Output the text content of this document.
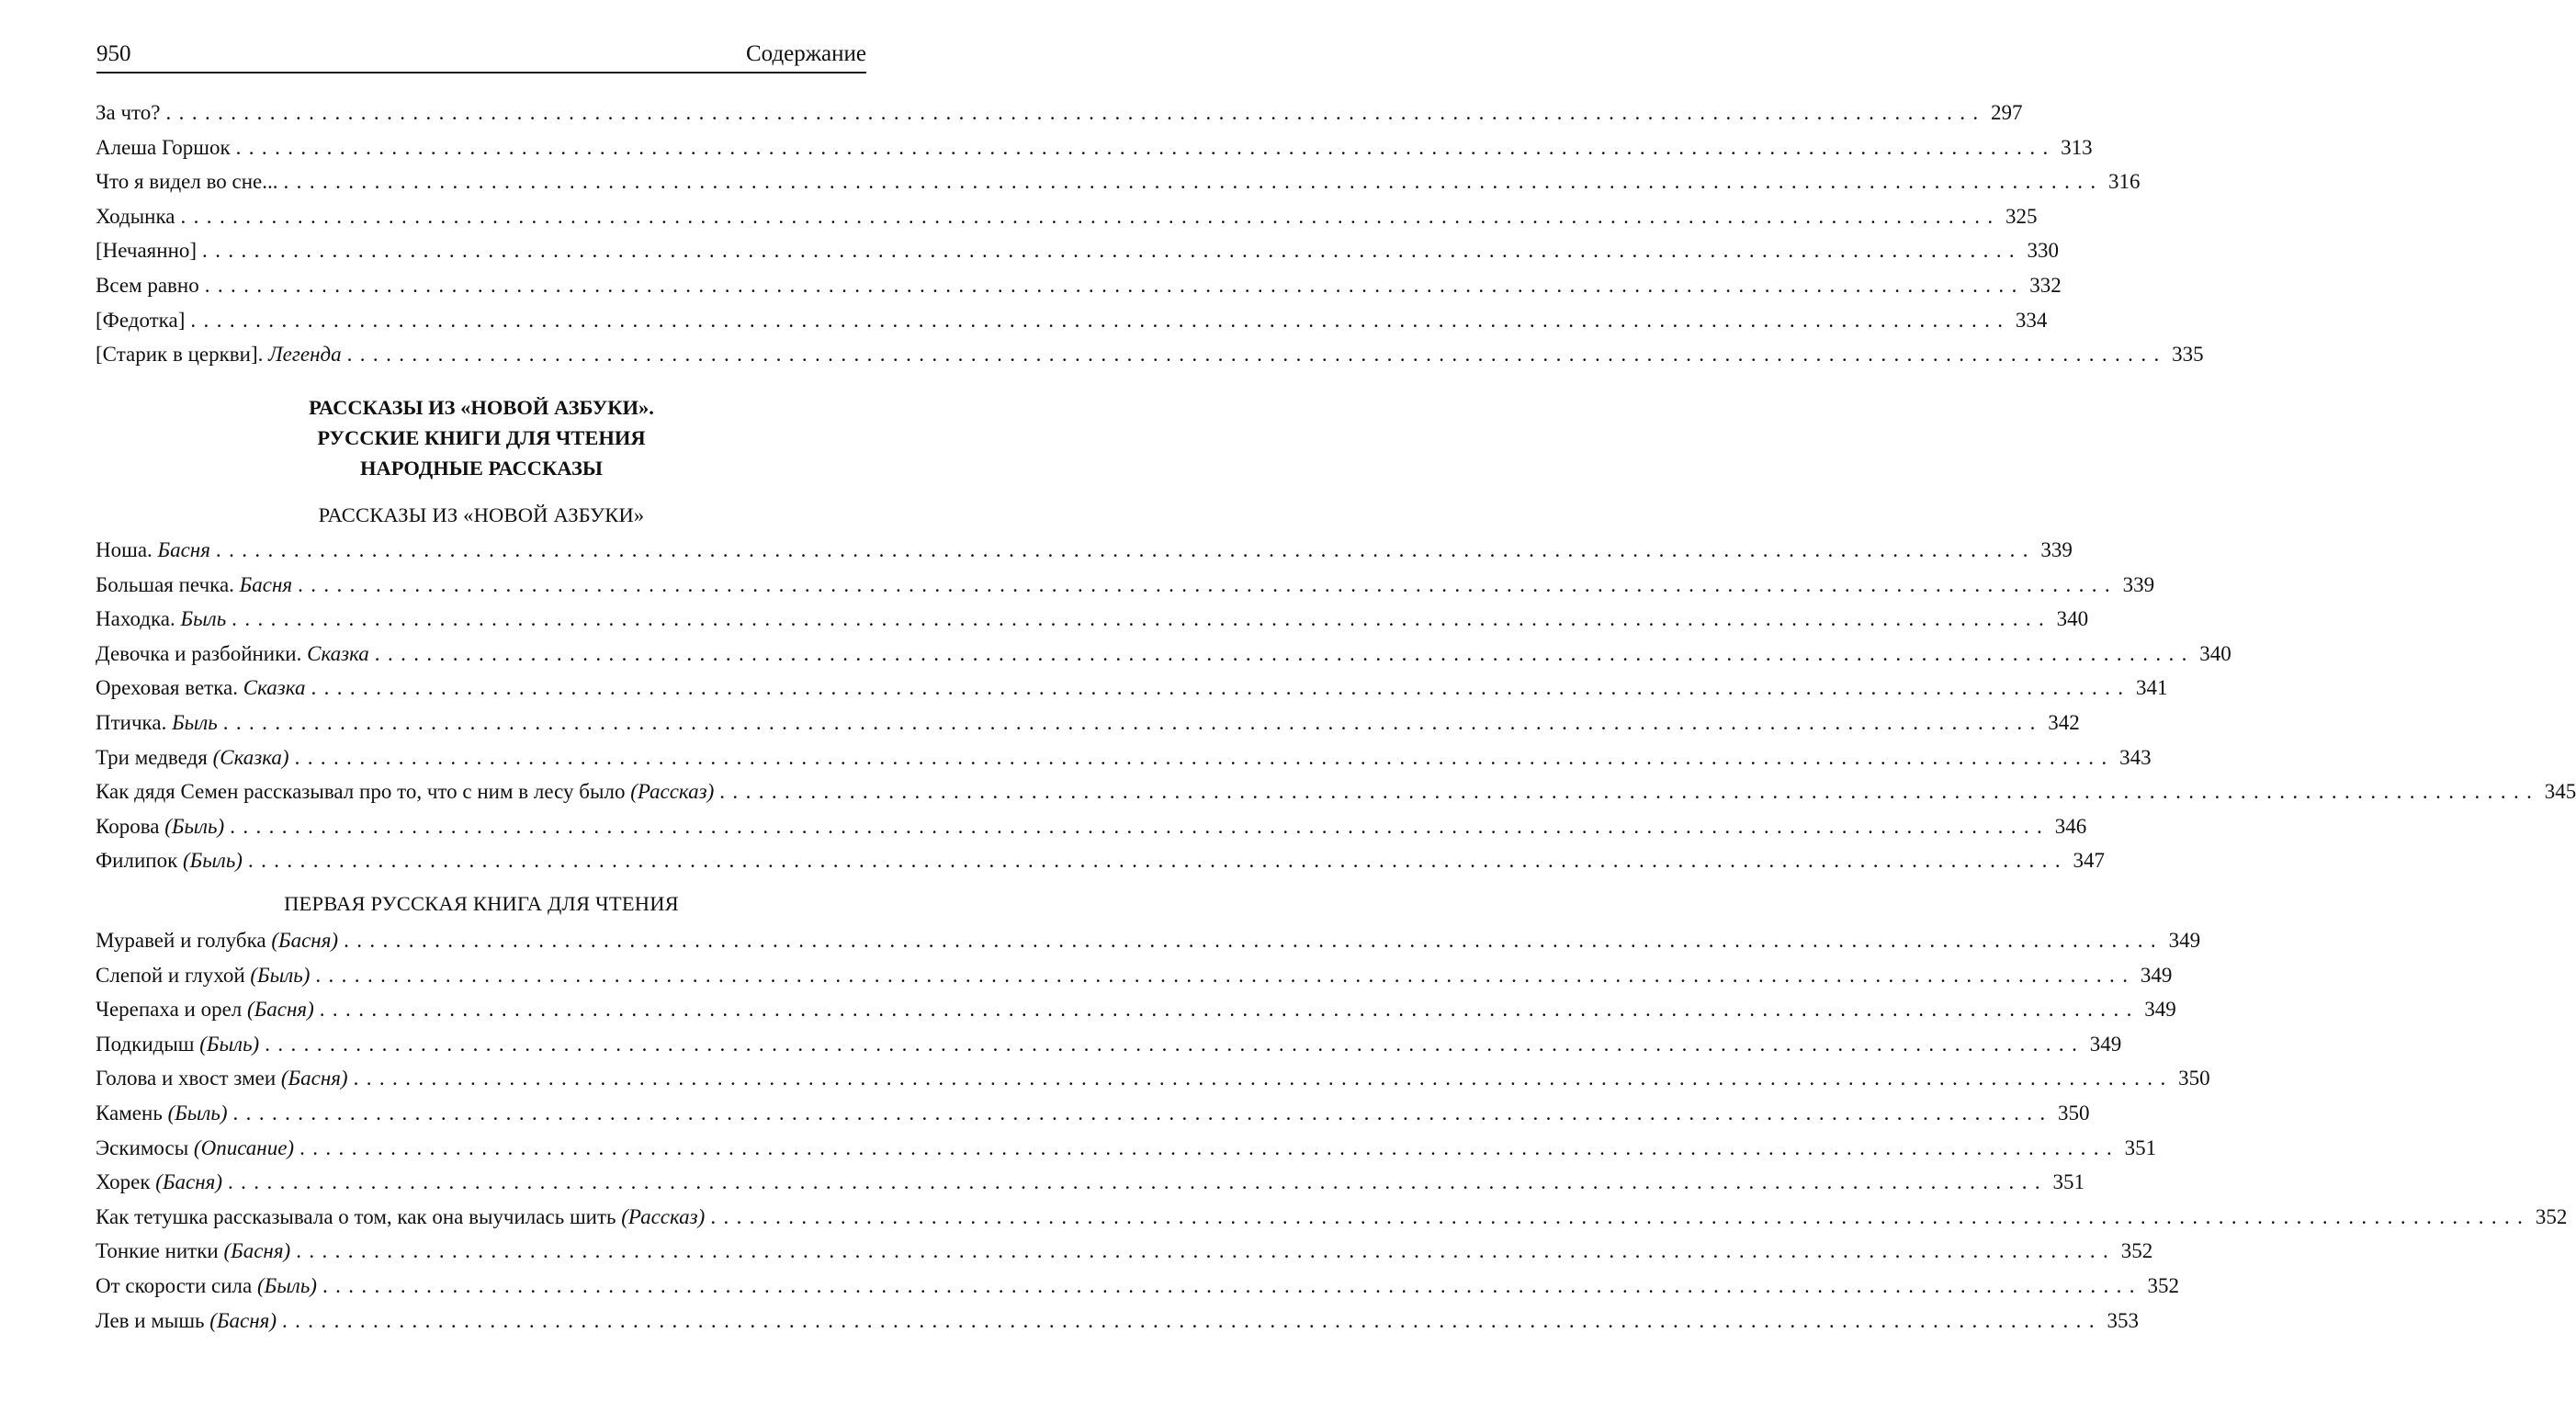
950	Содержание
За что? ............................................................................................................................................ 297
Алеша Горшок ............................................................................................................................................ 313
Что я видел во сне... ............................................................................................................................................ 316
Ходынка ............................................................................................................................................ 325
[Нечаянно] ............................................................................................................................................ 330
Всем равно ............................................................................................................................................ 332
[Федотка] ............................................................................................................................................ 334
[Старик в церкви]. Легенда ............................................................................................................................................ 335
РАССКАЗЫ ИЗ «НОВОЙ АЗБУКИ».
РУССКИЕ КНИГИ ДЛЯ ЧТЕНИЯ
НАРОДНЫЕ РАССКАЗЫ
РАССКАЗЫ ИЗ «НОВОЙ АЗБУКИ»
Ноша. Басня ............................................................................................................................................ 339
Большая печка. Басня ............................................................................................................................................ 339
Находка. Быль ............................................................................................................................................ 340
Девочка и разбойники. Сказка ............................................................................................................................................ 340
Ореховая ветка. Сказка ............................................................................................................................................ 341
Птичка. Быль ............................................................................................................................................ 342
Три медведя (Сказка) ............................................................................................................................................ 343
Как дядя Семен рассказывал про то, что с ним в лесу было (Рассказ) ............................................................................................................................................ 345
Корова (Быль) ............................................................................................................................................ 346
Филипок (Быль) ............................................................................................................................................ 347
ПЕРВАЯ РУССКАЯ КНИГА ДЛЯ ЧТЕНИЯ
Муравей и голубка (Басня) ............................................................................................................................................ 349
Слепой и глухой (Быль) ............................................................................................................................................ 349
Черепаха и орел (Басня) ............................................................................................................................................ 349
Подкидыш (Быль) ............................................................................................................................................ 349
Голова и хвост змеи (Басня) ............................................................................................................................................ 350
Камень (Быль) ............................................................................................................................................ 350
Эскимосы (Описание) ............................................................................................................................................ 351
Хорек (Басня) ............................................................................................................................................ 351
Как тетушка рассказывала о том, как она выучилась шить (Рассказ) ............................................................................................................................................ 352
Тонкие нитки (Басня) ............................................................................................................................................ 352
От скорости сила (Быль) ............................................................................................................................................ 352
Лев и мышь (Басня) ............................................................................................................................................ 353
